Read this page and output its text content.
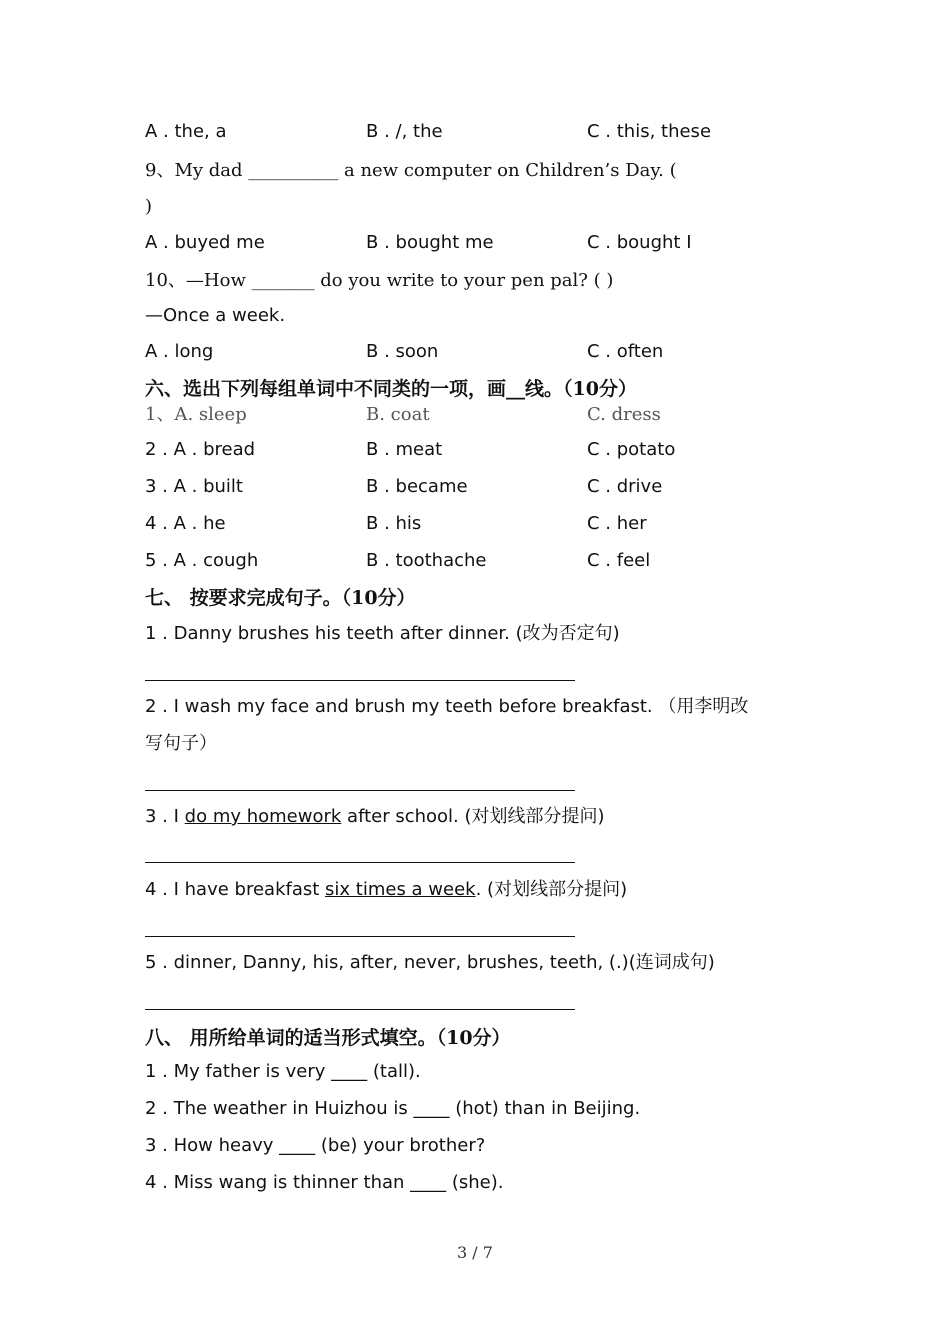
A . the, a	B . /, the	C . this, these
9、My dad __________ a new computer on Children’s Day. (
)
A . buyed me	B . bought me	C . bought I
10、—How _______ do you write to your pen pal? ( )
—Once a week.
A . long	B . soon	C . often
六、选出下列每组单词中不同类的一项，画__线。（10分）
1、A. sleep	B. coat	C. dress
2 . A . bread	B . meat	C . potato
3 . A . built	B . became	C . drive
4 . A . he	B . his	C . her
5 . A . cough	B . toothache	C . feel
七、 按要求完成句子。（10分）
1 . Danny brushes his teeth after dinner. (改为否定句)
2 . I wash my face and brush my teeth before breakfast. （用李明改
写句子）
3 . I do my homework after school. (对划线部分提问)
4 . I have breakfast six times a week. (对划线部分提问)
5 . dinner, Danny, his, after, never, brushes, teeth, (.)(连词成句)
八、 用所给单词的适当形式填空。（10分）
1 . My father is very ____ (tall).
2 . The weather in Huizhou is ____ (hot) than in Beijing.
3 . How heavy ____ (be) your brother?
4 . Miss wang is thinner than ____ (she).
3 / 7
